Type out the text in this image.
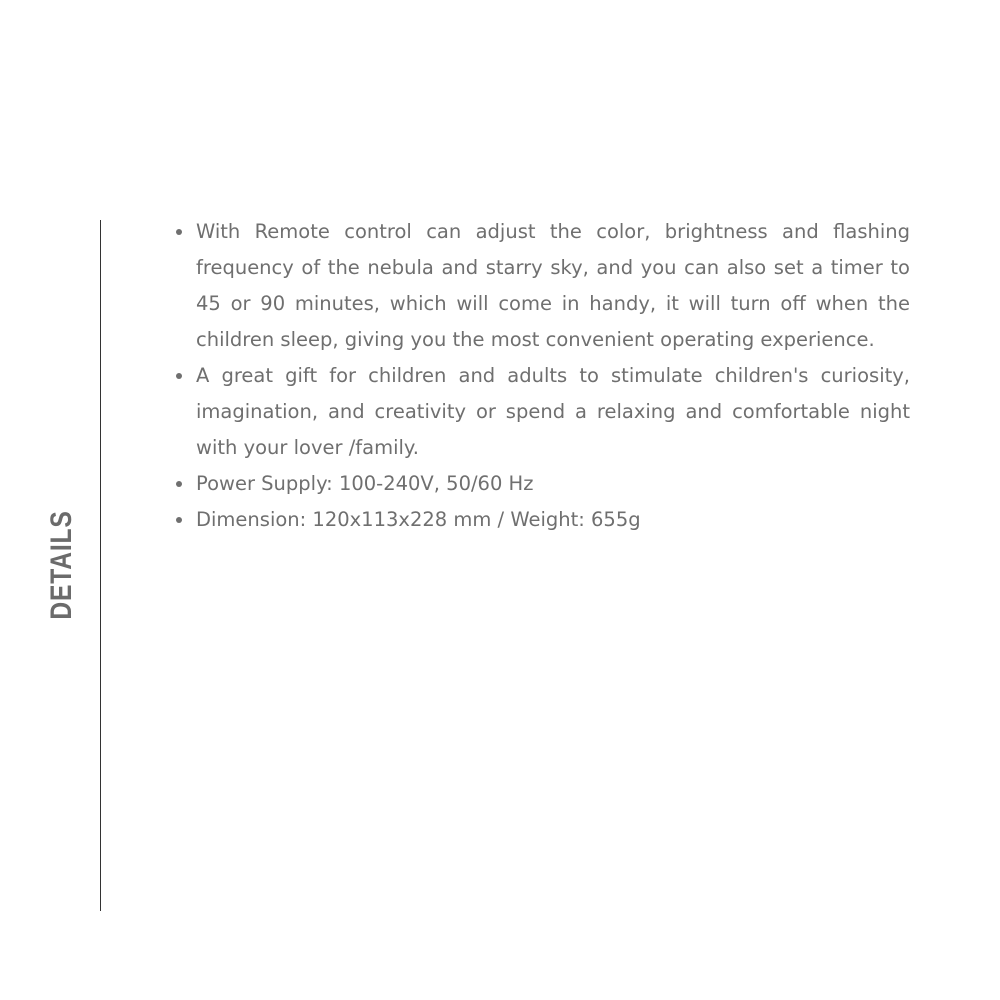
DETAILS
With Remote control can adjust the color, brightness and flashing frequency of the nebula and starry sky, and you can also set a timer to 45 or 90 minutes, which will come in handy, it will turn off when the children sleep, giving you the most convenient operating experience.
A great gift for children and adults to stimulate children's curiosity, imagination, and creativity or spend a relaxing and comfortable night with your lover /family.
Power Supply: 100-240V, 50/60 Hz
Dimension: 120x113x228 mm / Weight: 655g
